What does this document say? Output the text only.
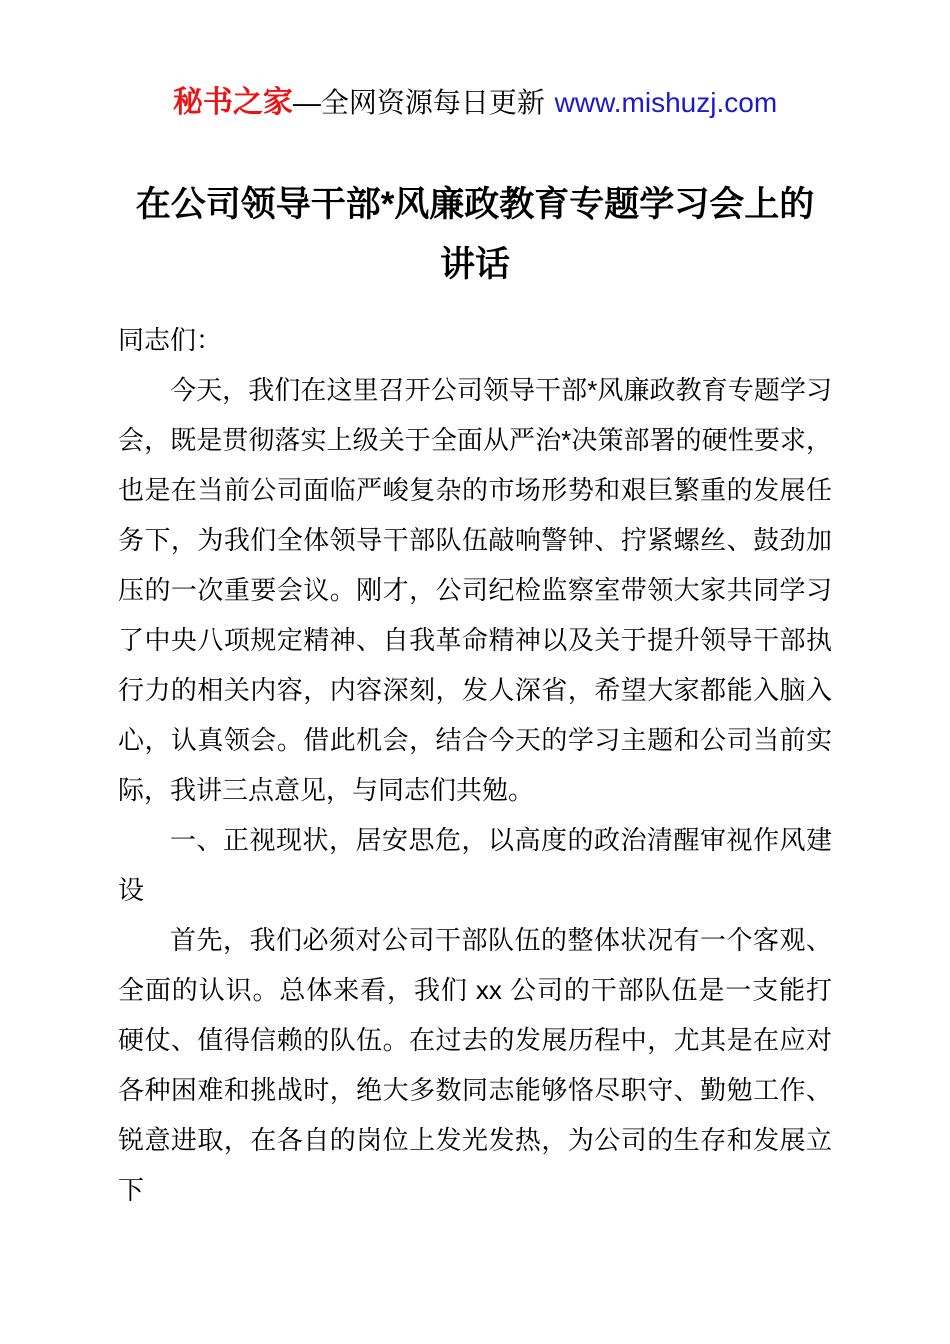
秘书之家—全网资源每日更新 www.mishuzj.com
在公司领导干部*风廉政教育专题学习会上的讲话

同志们：

今天，我们在这里召开公司领导干部*风廉政教育专题学习会，既是贯彻落实上级关于全面从严治*决策部署的硬性要求，也是在当前公司面临严峻复杂的市场形势和艰巨繁重的发展任务下，为我们全体领导干部队伍敲响警钟、拧紧螺丝、鼓劲加压的一次重要会议。刚才，公司纪检监察室带领大家共同学习了中央八项规定精神、自我革命精神以及关于提升领导干部执行力的相关内容，内容深刻，发人深省，希望大家都能入脑入心，认真领会。借此机会，结合今天的学习主题和公司当前实际，我讲三点意见，与同志们共勉。

一、正视现状，居安思危，以高度的政治清醒审视作风建设

首先，我们必须对公司干部队伍的整体状况有一个客观、全面的认识。总体来看，我们 xx 公司的干部队伍是一支能打硬仗、值得信赖的队伍。在过去的发展历程中，尤其是在应对各种困难和挑战时，绝大多数同志能够恪尽职守、勤勉工作、锐意进取，在各自的岗位上发光发热，为公司的生存和发展立下
